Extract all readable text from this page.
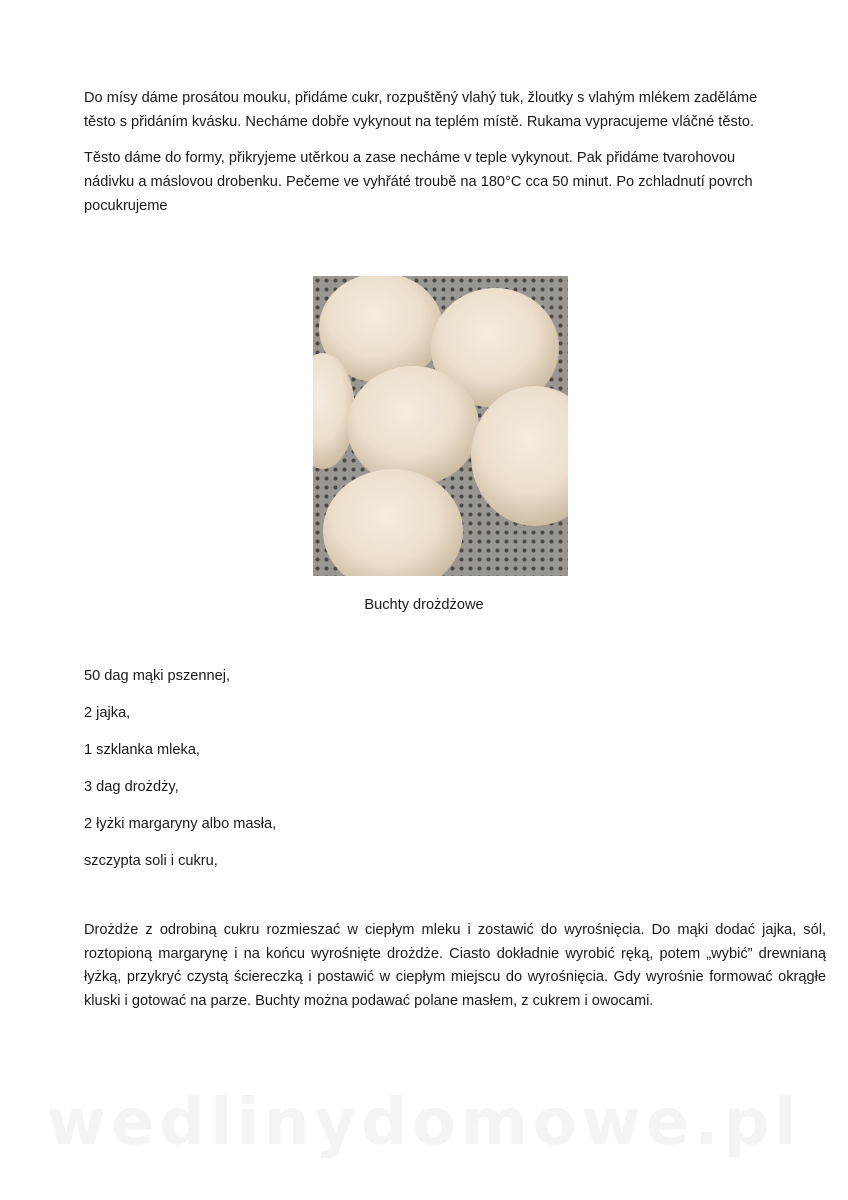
Do mísy dáme prosátou mouku, přidáme cukr, rozpuštěný vlahý tuk, žloutky s vlahým mlékem zaděláme těsto s přidáním kvásku. Necháme dobře vykynout na teplém místě. Rukama vypracujeme vláčné těsto.

Těsto dáme do formy, přikryjeme utěrkou a zase necháme v teple vykynout. Pak přidáme tvarohovou nádivku a máslovou drobenku. Pečeme ve vyhřáté troubě na 180°C cca 50 minut. Po zchladnutí povrch pocukrujeme

Buchty drożdżowe
50 dag mąki pszennej,
2 jajka,
1 szklanka mleka,
3 dag drożdży,
2 łyżki margaryny albo masła,
szczypta soli i cukru,

Drożdże z odrobiną cukru rozmieszać w ciepłym mleku i zostawić do wyrośnięcia. Do mąki dodać jajka, sól, roztopioną margarynę i na końcu wyrośnięte drożdże. Ciasto dokładnie wyrobić ręką, potem „wybić” drewnianą łyżką, przykryć czystą ściereczką i postawić w ciepłym miejscu do wyrośnięcia. Gdy wyrośnie formować okrągłe kluski i gotować na parze. Buchty można podawać polane masłem, z cukrem i owocami.

wedlinydomowe.pl
